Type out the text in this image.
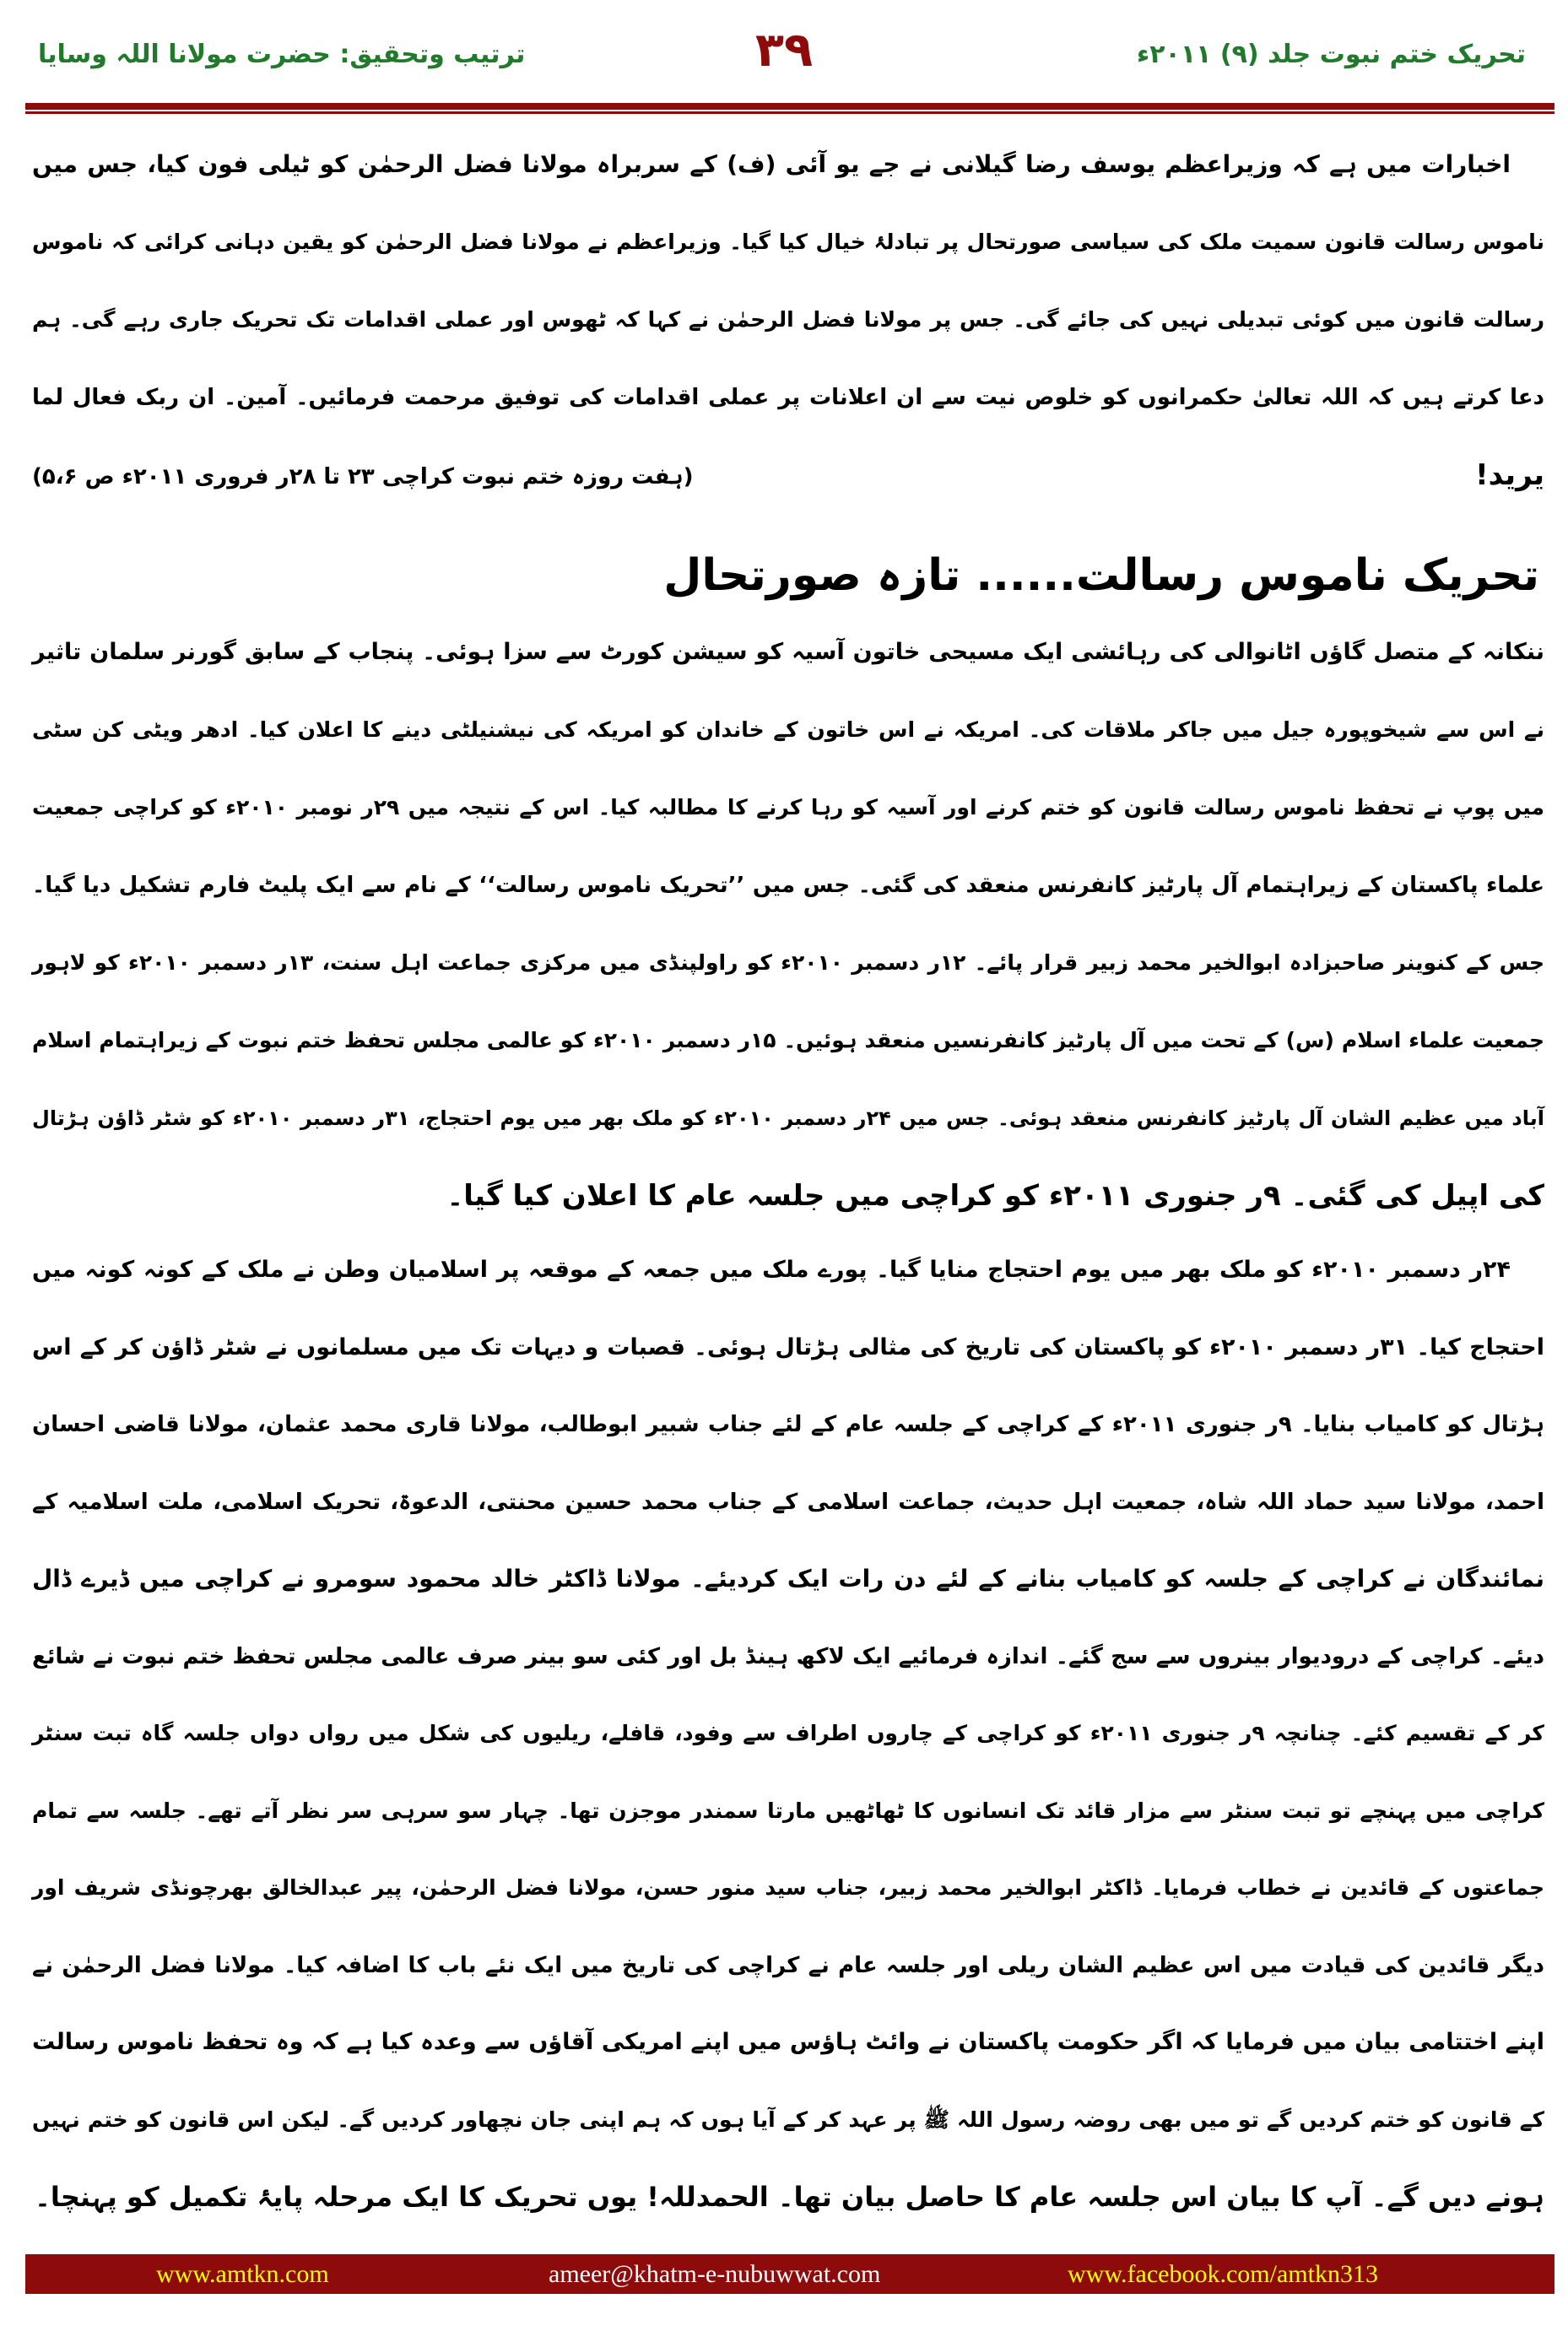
تحریک ختم نبوت جلد (۹) ۲۰۱۱ء
۳۹
ترتیب وتحقیق: حضرت مولانا اللہ وسایا
اخبارات میں ہے کہ وزیراعظم یوسف رضا گیلانی نے جے یو آئی (ف) کے سربراہ مولانا فضل الرحمٰن کو ٹیلی فون کیا، جس میں
ناموس رسالت قانون سمیت ملک کی سیاسی صورتحال پر تبادلۂ خیال کیا گیا۔ وزیراعظم نے مولانا فضل الرحمٰن کو یقین دہانی کرائی کہ ناموس
رسالت قانون میں کوئی تبدیلی نہیں کی جائے گی۔ جس پر مولانا فضل الرحمٰن نے کہا کہ ٹھوس اور عملی اقدامات تک تحریک جاری رہے گی۔ ہم
دعا کرتے ہیں کہ اللہ تعالیٰ حکمرانوں کو خلوص نیت سے ان اعلانات پر عملی اقدامات کی توفیق مرحمت فرمائیں۔ آمین۔ ان ربک فعال لما
یرید!
ننکانہ کے متصل گاؤں اٹانوالی کی رہائشی ایک مسیحی خاتون آسیہ کو سیشن کورٹ سے سزا ہوئی۔ پنجاب کے سابق گورنر سلمان تاثیر
نے اس سے شیخوپورہ جیل میں جاکر ملاقات کی۔ امریکہ نے اس خاتون کے خاندان کو امریکہ کی نیشنیلٹی دینے کا اعلان کیا۔ ادھر ویٹی کن سٹی
میں پوپ نے تحفظ ناموس رسالت قانون کو ختم کرنے اور آسیہ کو رہا کرنے کا مطالبہ کیا۔ اس کے نتیجہ میں ۲۹ر نومبر ۲۰۱۰ء کو کراچی جمعیت
علماء پاکستان کے زیراہتمام آل پارٹیز کانفرنس منعقد کی گئی۔ جس میں ’’تحریک ناموس رسالت‘‘ کے نام سے ایک پلیٹ فارم تشکیل دیا گیا۔
جس کے کنوینر صاحبزادہ ابوالخیر محمد زبیر قرار پائے۔ ۱۲ر دسمبر ۲۰۱۰ء کو راولپنڈی میں مرکزی جماعت اہل سنت، ۱۳ر دسمبر ۲۰۱۰ء کو لاہور
جمعیت علماء اسلام (س) کے تحت میں آل پارٹیز کانفرنسیں منعقد ہوئیں۔ ۱۵ر دسمبر ۲۰۱۰ء کو عالمی مجلس تحفظ ختم نبوت کے زیراہتمام اسلام
آباد میں عظیم الشان آل پارٹیز کانفرنس منعقد ہوئی۔ جس میں ۲۴ر دسمبر ۲۰۱۰ء کو ملک بھر میں یوم احتجاج، ۳۱ر دسمبر ۲۰۱۰ء کو شٹر ڈاؤن ہڑتال
کی اپیل کی گئی۔ ۹ر جنوری ۲۰۱۱ء کو کراچی میں جلسہ عام کا اعلان کیا گیا۔
۲۴ر دسمبر ۲۰۱۰ء کو ملک بھر میں یوم احتجاج منایا گیا۔ پورے ملک میں جمعہ کے موقعہ پر اسلامیان وطن نے ملک کے کونہ کونہ میں
احتجاج کیا۔ ۳۱ر دسمبر ۲۰۱۰ء کو پاکستان کی تاریخ کی مثالی ہڑتال ہوئی۔ قصبات و دیہات تک میں مسلمانوں نے شٹر ڈاؤن کر کے اس
ہڑتال کو کامیاب بنایا۔ ۹ر جنوری ۲۰۱۱ء کے کراچی کے جلسہ عام کے لئے جناب شبیر ابوطالب، مولانا قاری محمد عثمان، مولانا قاضی احسان
احمد، مولانا سید حماد اللہ شاہ، جمعیت اہل حدیث، جماعت اسلامی کے جناب محمد حسین محنتی، الدعوۃ، تحریک اسلامی، ملت اسلامیہ کے
نمائندگان نے کراچی کے جلسہ کو کامیاب بنانے کے لئے دن رات ایک کردیئے۔ مولانا ڈاکٹر خالد محمود سومرو نے کراچی میں ڈیرے ڈال
دیئے۔ کراچی کے درودیوار بینروں سے سج گئے۔ اندازہ فرمائیے ایک لاکھ ہینڈ بل اور کئی سو بینر صرف عالمی مجلس تحفظ ختم نبوت نے شائع
کر کے تقسیم کئے۔ چنانچہ ۹ر جنوری ۲۰۱۱ء کو کراچی کے چاروں اطراف سے وفود، قافلے، ریلیوں کی شکل میں رواں دواں جلسہ گاہ تبت سنٹر
کراچی میں پہنچے تو تبت سنٹر سے مزار قائد تک انسانوں کا ٹھاٹھیں مارتا سمندر موجزن تھا۔ چہار سو سرہی سر نظر آتے تھے۔ جلسہ سے تمام
جماعتوں کے قائدین نے خطاب فرمایا۔ ڈاکٹر ابوالخیر محمد زبیر، جناب سید منور حسن، مولانا فضل الرحمٰن، پیر عبدالخالق بھرچونڈی شریف اور
دیگر قائدین کی قیادت میں اس عظیم الشان ریلی اور جلسہ عام نے کراچی کی تاریخ میں ایک نئے باب کا اضافہ کیا۔ مولانا فضل الرحمٰن نے
اپنے اختتامی بیان میں فرمایا کہ اگر حکومت پاکستان نے وائٹ ہاؤس میں اپنے امریکی آقاؤں سے وعدہ کیا ہے کہ وہ تحفظ ناموس رسالت
کے قانون کو ختم کردیں گے تو میں بھی روضہ رسول اللہ ﷺ پر عہد کر کے آیا ہوں کہ ہم اپنی جان نچھاور کردیں گے۔ لیکن اس قانون کو ختم نہیں
ہونے دیں گے۔ آپ کا بیان اس جلسہ عام کا حاصل بیان تھا۔ الحمدللہ! یوں تحریک کا ایک مرحلہ پایۂ تکمیل کو پہنچا۔
تحریک ناموس رسالت...... تازہ صورتحال
(ہفت روزہ ختم نبوت کراچی ۲۳ تا ۲۸ر فروری ۲۰۱۱ء ص ۵،۶)
www.amtkn.com	ameer@khatm-e-nubuwwat.com	www.facebook.com/amtkn313
